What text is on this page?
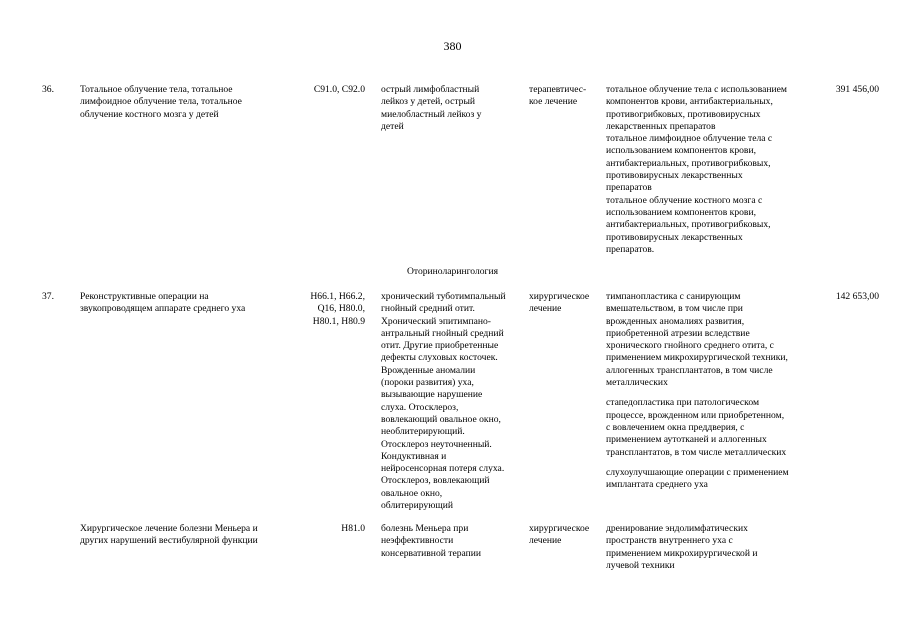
380
36.	Тотальное облучение тела, тотальное
лимфоидное облучение тела, тотальное
облучение костного мозга у детей
С91.0, С92.0 острый лимфобластный
лейкоз у детей, острый
миелобластный лейкоз у
детей
терапевтичес-
кое лечение
тотальное облучение тела с использованием
компонентов крови, антибактериальных,
противогрибковых, противовирусных
лекарственных препаратов
тотальное лимфоидное облучение тела с
использованием компонентов крови,
антибактериальных, противогрибковых,
противовирусных лекарственных
препаратов
тотальное облучение костного мозга с
использованием компонентов крови,
антибактериальных, противогрибковых,
противовирусных лекарственных
препаратов.
391 456,00
Оториноларингология
37.	Реконструктивные операции на
звукопроводящем аппарате среднего уха
H66.1, H66.2,
Q16, H80.0,
H80.1, H80.9
хронический туботимпальный
гнойный средний отит.
Хронический эпитимпано-
антральный гнойный средний
отит. Другие приобретенные
дефекты слуховых косточек.
Врожденные аномалии
(пороки развития) уха,
вызывающие нарушение
слуха. Отосклероз,
вовлекающий овальное окно,
необлитерирующий.
Отосклероз неуточненный.
Кондуктивная и
нейросенсорная потеря слуха.
Отосклероз, вовлекающий
овальное окно,
облитерирующий
хирургическое
лечение
тимпанопластика с санирующим
вмешательством, в том числе при
врожденных аномалиях развития,
приобретенной атрезии вследствие
хронического гнойного среднего отита, с
применением микрохирургической техники,
аллогенных трансплантатов, в том числе
металлических
стапедопластика при патологическом
процессе, врожденном или приобретенном,
с вовлечением окна преддверия, с
применением аутотканей и аллогенных
трансплантатов, в том числе металлических
слухоулучшающие операции с применением
имплантата среднего уха
142 653,00
Хирургическое лечение болезни Меньера и
других нарушений вестибулярной функции
H81.0 болезнь Меньера при
неэффективности
консервативной терапии
хирургическое
лечение
дренирование эндолимфатических
пространств внутреннего уха с
применением микрохирургической и
лучевой техники
